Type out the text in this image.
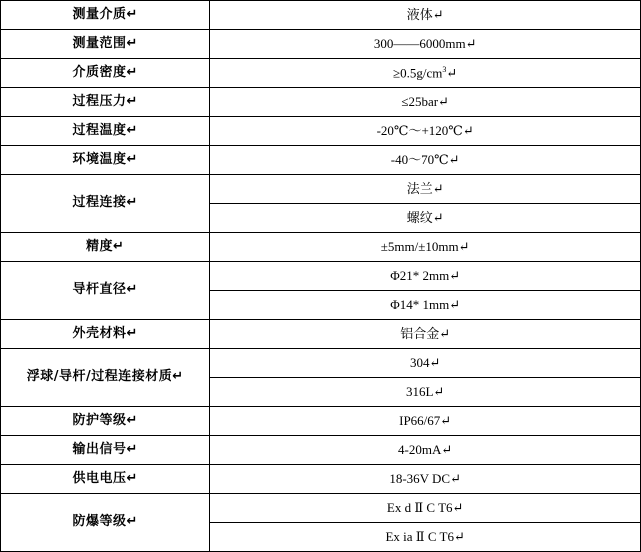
测量介质↵	液体↵
测量范围↵	300——6000mm↵
介质密度↵	$\ge 0.5g/cm^3↵$
过程压力↵	≤25bar↵
过程温度↵	-20℃～+120℃↵
环境温度↵	-40～70℃↵
过程连接↵	法兰↵
	螺纹↵
精度↵	±5mm/±10mm↵
导杆直径↵	Φ21* 2mm↵
	Φ14* 1mm↵
外壳材料↵	铝合金↵
浮球/导杆/过程连接材质↵	304↵
	316L↵
防护等级↵	IP66/67↵
输出信号↵	4-20mA↵
供电电压↵	18-36V DC↵
防爆等级↵	Ex d Ⅱ C T6↵
	Ex ia Ⅱ C T6↵
